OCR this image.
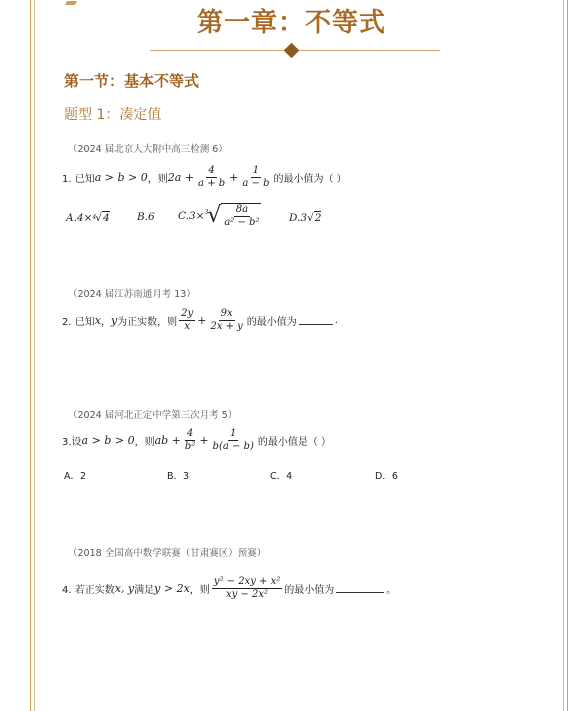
第一章：不等式
第一节：基本不等式
题型 1：凑定值
（2024 届北京人大附中高三检测 6）
1. 已知 a > b > 0 ，则 $2a + \frac{4}{a + b} + \frac{1}{a - b}$ 的最小值为（ ）
A.4× 4 √ 4	B.6 C.3×$^3$ √ $\frac{8a}{\text{a² − b²}}$	D.3 √ 2
（2024 届江苏南通月考 13）
2. 已知 x ， y 为正实数，则 $\frac{2y}{x} + \frac{9x}{2x + y}$ 的最小值为	.
（2024 届河北正定中学第三次月考 5）
3.设 a > b > 0 ，则 ab + $\frac{4}{\text{b²}} + \frac{1}{b(a - b)}$ 的最小值是（ ）
A．2	B．3	C．4	D．6
（2018 全国高中数学联赛（甘肃赛区）预赛）
4. 若正实数 x, y 满足 y > 2x ，则 $\frac{\text{y² − 2xy + x²}}{\text{xy − 2x²}}$ 的最小值为	。
